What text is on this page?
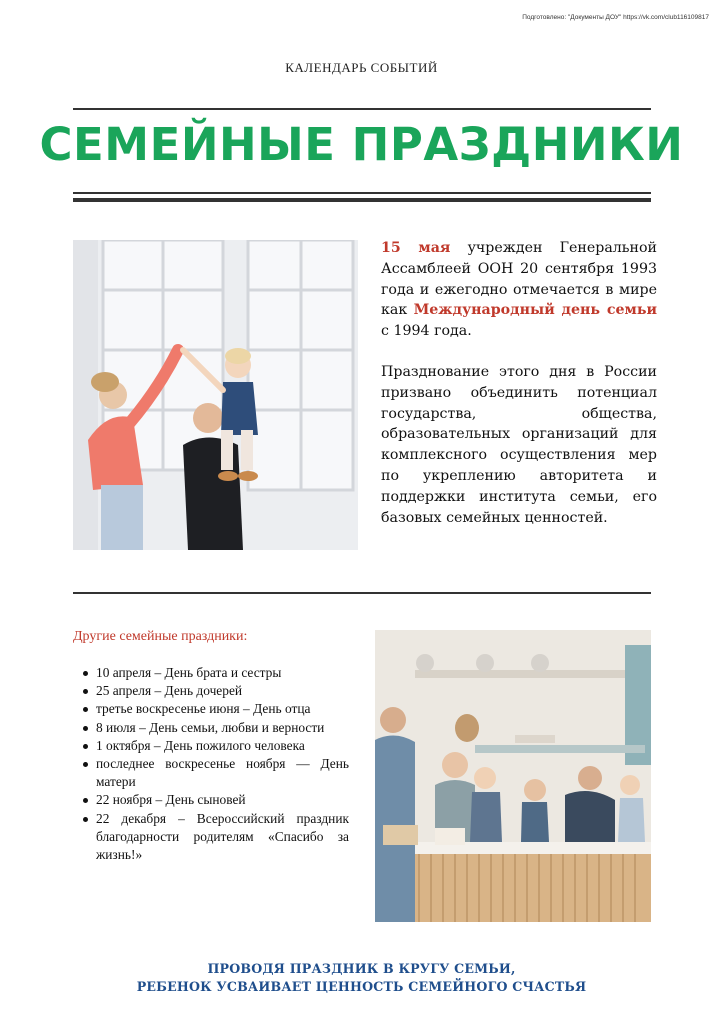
Подготовлено: "Документы ДОУ" https://vk.com/club116109817
КАЛЕНДАРЬ СОБЫТИЙ
СЕМЕЙНЫЕ ПРАЗДНИКИ

15 мая учрежден Генеральной Ассамблеей ООН 20 сентября 1993 года и ежегодно отмечается в мире как Международный день семьи с 1994 года.

Празднование этого дня в России призвано объединить потенциал государства, общества, образовательных организаций для комплексного осуществления мер по укреплению авторитета и поддержки института семьи, его базовых семейных ценностей.

Другие семейные праздники:
10 апреля – День брата и сестры
25 апреля – День дочерей
третье воскресенье июня – День отца
8 июля – День семьи, любви и верности
1 октября – День пожилого человека
последнее воскресенье ноября — День матери
22 ноября – День сыновей
22 декабря – Всероссийский праздник благодарности родителям «Спасибо за жизнь!»
ПРОВОДЯ ПРАЗДНИК В КРУГУ СЕМЬИ,
РЕБЕНОК УСВАИВАЕТ ЦЕННОСТЬ СЕМЕЙНОГО СЧАСТЬЯ
